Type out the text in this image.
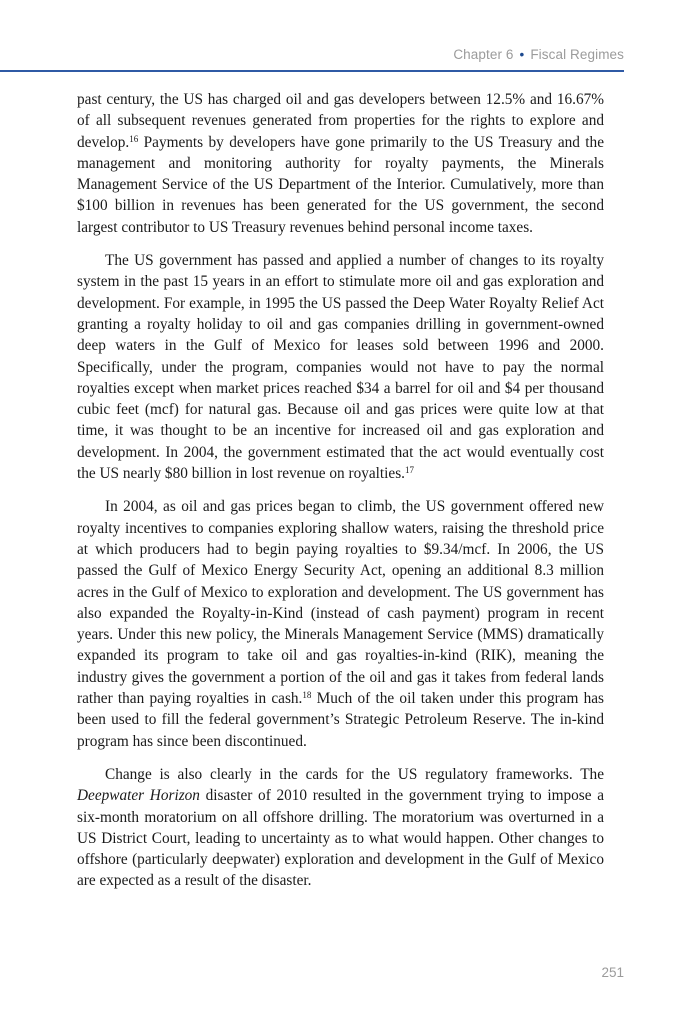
Chapter 6 • Fiscal Regimes

past century, the US has charged oil and gas developers between 12.5% and 16.67% of all subsequent revenues generated from properties for the rights to explore and develop.$^{16}$ Payments by developers have gone primarily to the US Treasury and the management and monitoring authority for royalty payments, the Minerals Management Service of the US Department of the Interior. Cumulatively, more than $100 billion in revenues has been generated for the US government, the second largest contributor to US Treasury revenues behind personal income taxes.

The US government has passed and applied a number of changes to its royalty system in the past 15 years in an effort to stimulate more oil and gas exploration and development. For example, in 1995 the US passed the Deep Water Royalty Relief Act granting a royalty holiday to oil and gas companies drilling in government-owned deep waters in the Gulf of Mexico for leases sold between 1996 and 2000. Specifically, under the program, companies would not have to pay the normal royalties except when market prices reached $34 a barrel for oil and $4 per thousand cubic feet (mcf) for natural gas. Because oil and gas prices were quite low at that time, it was thought to be an incentive for increased oil and gas exploration and development. In 2004, the government estimated that the act would eventually cost the US nearly $80 billion in lost revenue on royalties.$^{17}$

In 2004, as oil and gas prices began to climb, the US government offered new royalty incentives to companies exploring shallow waters, raising the threshold price at which producers had to begin paying royalties to $9.34/mcf. In 2006, the US passed the Gulf of Mexico Energy Security Act, opening an additional 8.3 million acres in the Gulf of Mexico to exploration and development. The US government has also expanded the Royalty-in-Kind (instead of cash payment) program in recent years. Under this new policy, the Minerals Management Service (MMS) dramatically expanded its program to take oil and gas royalties-in-kind (RIK), meaning the industry gives the government a portion of the oil and gas it takes from federal lands rather than paying royalties in cash.$^{18}$ Much of the oil taken under this program has been used to fill the federal government’s Strategic Petroleum Reserve. The in-kind program has since been discontinued.

Change is also clearly in the cards for the US regulatory frameworks. The Deepwater Horizon disaster of 2010 resulted in the government trying to impose a six-month moratorium on all offshore drilling. The moratorium was overturned in a US District Court, leading to uncertainty as to what would happen. Other changes to offshore (particularly deepwater) exploration and development in the Gulf of Mexico are expected as a result of the disaster.

251
